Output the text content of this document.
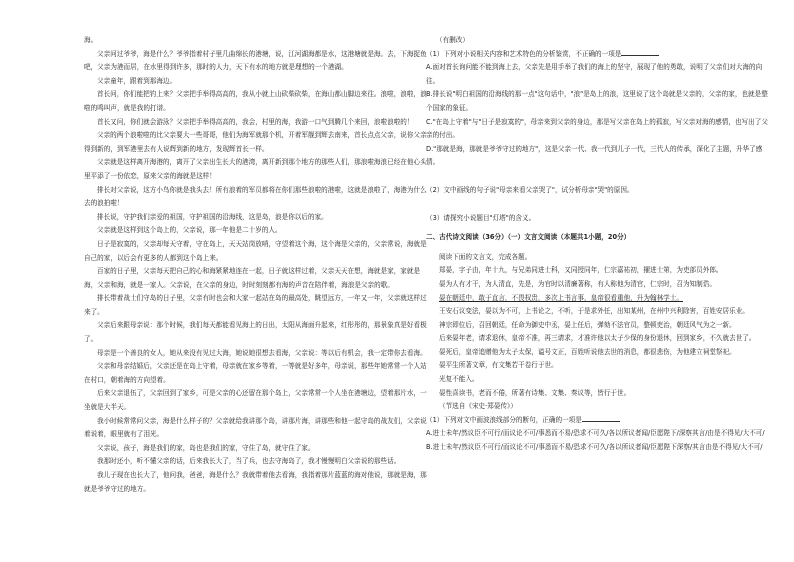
海。

父亲问过爷爷，海是什么？爷爷指着村子里几曲绵长的港塘，说，江河湖海都是水，这港塘就是海。去，下海捉鱼吧，父亲为港而居，在水里得到许多，那时的人力，天下有水的地方就是理想的一个港湖。

父亲童年，跟着到那海边。

首长问，你们能把钓上来？父亲把手举得高高的，我从小就上山砍柴砍柴，在海山都山脚边来往。浪啦，浪啦，浪啦的鸣叫声，就是我的打谱。

首长又问，你们就会游泳？父亲把手举得高高的，我会，村里的海，我游一口气到腾几个来回，浪啦浪啦的！

父亲的两个浪啦啦的比父亲要大一些哥哥，他们为海军就那个机，开着军舰到辉去南来，首长点点父亲，说你父亲得到新的，到军港里去有人说辉到新的地方，发现辉首长一样。

父亲就是这样离开海港的，离开了父亲出生长大的港湾，离开新到那个地方的那些人们，那浪啦海浪已经在他心头里平添了一份依恋，原来父亲的海就是这样！

排长对父亲说，这方小鸟你就是我头去！所有浪着的军员都将在你们那些浪啦的港啦，这就是浪啦了，海港为什么去的浪拍啦！

排长说，守护我们亲爱的祖国，守护祖国的沿海线，这是岛，浪是你以后的家。

父亲就是这样到这个岛上的，父亲说，那一年他是二十岁的人。

日子是寂寞的，父亲却每天守着，守在岛上，天天站岗放哨，守望着这个海，这个海是父亲的，父亲常说，海就是自己的家，以后会有更多的人都到这个岛上来。

百家的日子里，父亲每天把自己的心和海紧紧地连在一起，日子就这样过着，父亲天天在想，海就是家，家就是海，父亲和海，就是一家人。父亲说，在父亲的身边，时时刻刻都有海的声音在陪伴着，海浪是父亲的歌。

排长带着战士们守岛的日子里，父亲有时也会和大家一起站在岛的最高处，眺望远方，一年又一年，父亲就这样过来了。

父亲后来跟母亲说：那个时候，我们每天都能看见海上的日出，太阳从海面升起来，红彤彤的，那景象真是好看极了。

母亲是一个善良的女人，她从来没有见过大海，她说她很想去看海，父亲说：等以后有机会，我一定带你去看海。

父亲和母亲结婚后，父亲还是在岛上守着，母亲就在家乡等着，一等就是好多年，母亲说，那些年她常常一个人站在村口，朝着海的方向望着。

后来父亲退伍了，父亲回到了家乡，可是父亲的心还留在那个岛上，父亲常常一个人坐在港塘边，望着那片水，一坐就是大半天。

我小时候常常问父亲，海是什么样子的？父亲就给我讲那个岛，讲那片海，讲那些和他一起守岛的战友们，父亲说着说着，眼里就有了泪光。

父亲说，孩子，海是我们的家，岛也是我们的家，守住了岛，就守住了家。

我那时还小，听不懂父亲的话，后来我长大了，当了兵，也去守海岛了，我才慢慢明白父亲说的那些话。

我儿子现在也长大了，他问我，爸爸，海是什么？我就带着他去看海，我指着那片蓝蓝的海对他说，那就是海，那就是爷爷守过的地方。

（有删改）

（1）下列对小说相关内容和艺术特色的分析鉴赏，不正确的一项是

A.面对首长询问能不能到海上去，父亲先是用手举了我们的海上的坚守，展现了他的勇敢，说明了父亲们对大海的向往。

B.排长说"明白祖国的沿海线的那一点"这句话中，"浪"是岛上的浪，这里说了这个岛就是父亲的，父亲的家，也就是整个国家的象征。

C."在岛上守着"与"日子是寂寞的"，母亲来到父亲的身边，那是写父亲在岛上的孤寂，写父亲对海的感情，也写出了父亲的付出。

D."那就是海，那就是爷爷守过的地方"，这是父亲一代、我一代到儿子一代，三代人的传承，深化了主题，升华了感情。

（2）文中画线的句子说"母亲来看父亲哭了"，试分析母亲"哭"的原因。

（3）请探究小说题目"灯塔"的含义。

二、古代诗文阅读（36分）（一）文言文阅读（本题共1小题，20分）

阅读下面的文言文，完成各题。

郑晏，字子由，年十九，与兄弟同进士科，又同授同年，仁宗嘉祐初，擢进士第，为吏部员外郎。

晏为人有才干，为人清直，先是，为官时以清廉著称，有人称他为清官，仁宗时，召为知制诰。

晏在朝廷中，敢于直言，不畏权贵，多次上书言事，皇帝很看重他，升为翰林学士。

王安石议变法，晏以为不可，上书论之，不听，于是求外任，出知某州，在州中兴利除害，百姓安居乐业。

神宗即位后，召回朝廷，任命为御史中丞，晏上任后，弹劾不法官员，整顿吏治，朝廷风气为之一新。

后来晏年老，请求退休，皇帝不准，再三请求，才准许他以太子少保的身份退休，回到家乡，不久就去世了。

晏死后，皇帝追赠他为太子太保，谥号文正，百姓听说他去世的消息，都很悲伤，为他建立祠堂祭祀。

晏平生所著文章，有文集若干卷行于世。

光复不能入。

晏性喜读书，老而不倦，所著有诗集、文集、奏议等，皆行于世。

（节选自《宋史·郑晏传》）

（1）下列对文中画波浪线部分的断句，正确的一项是

A.进士未年/然议臣不可行/而议论不可/事悉而不易/恐求不可久/各以所议者闻/臣愿陛下/深察其言/由是不得见/大不可/

B.进士未年/然议臣不可行/而议论不可/事悉而不易/恐求不可久/各以所议者闻/臣愿陛下深察/其言由是不得见/大不可/
